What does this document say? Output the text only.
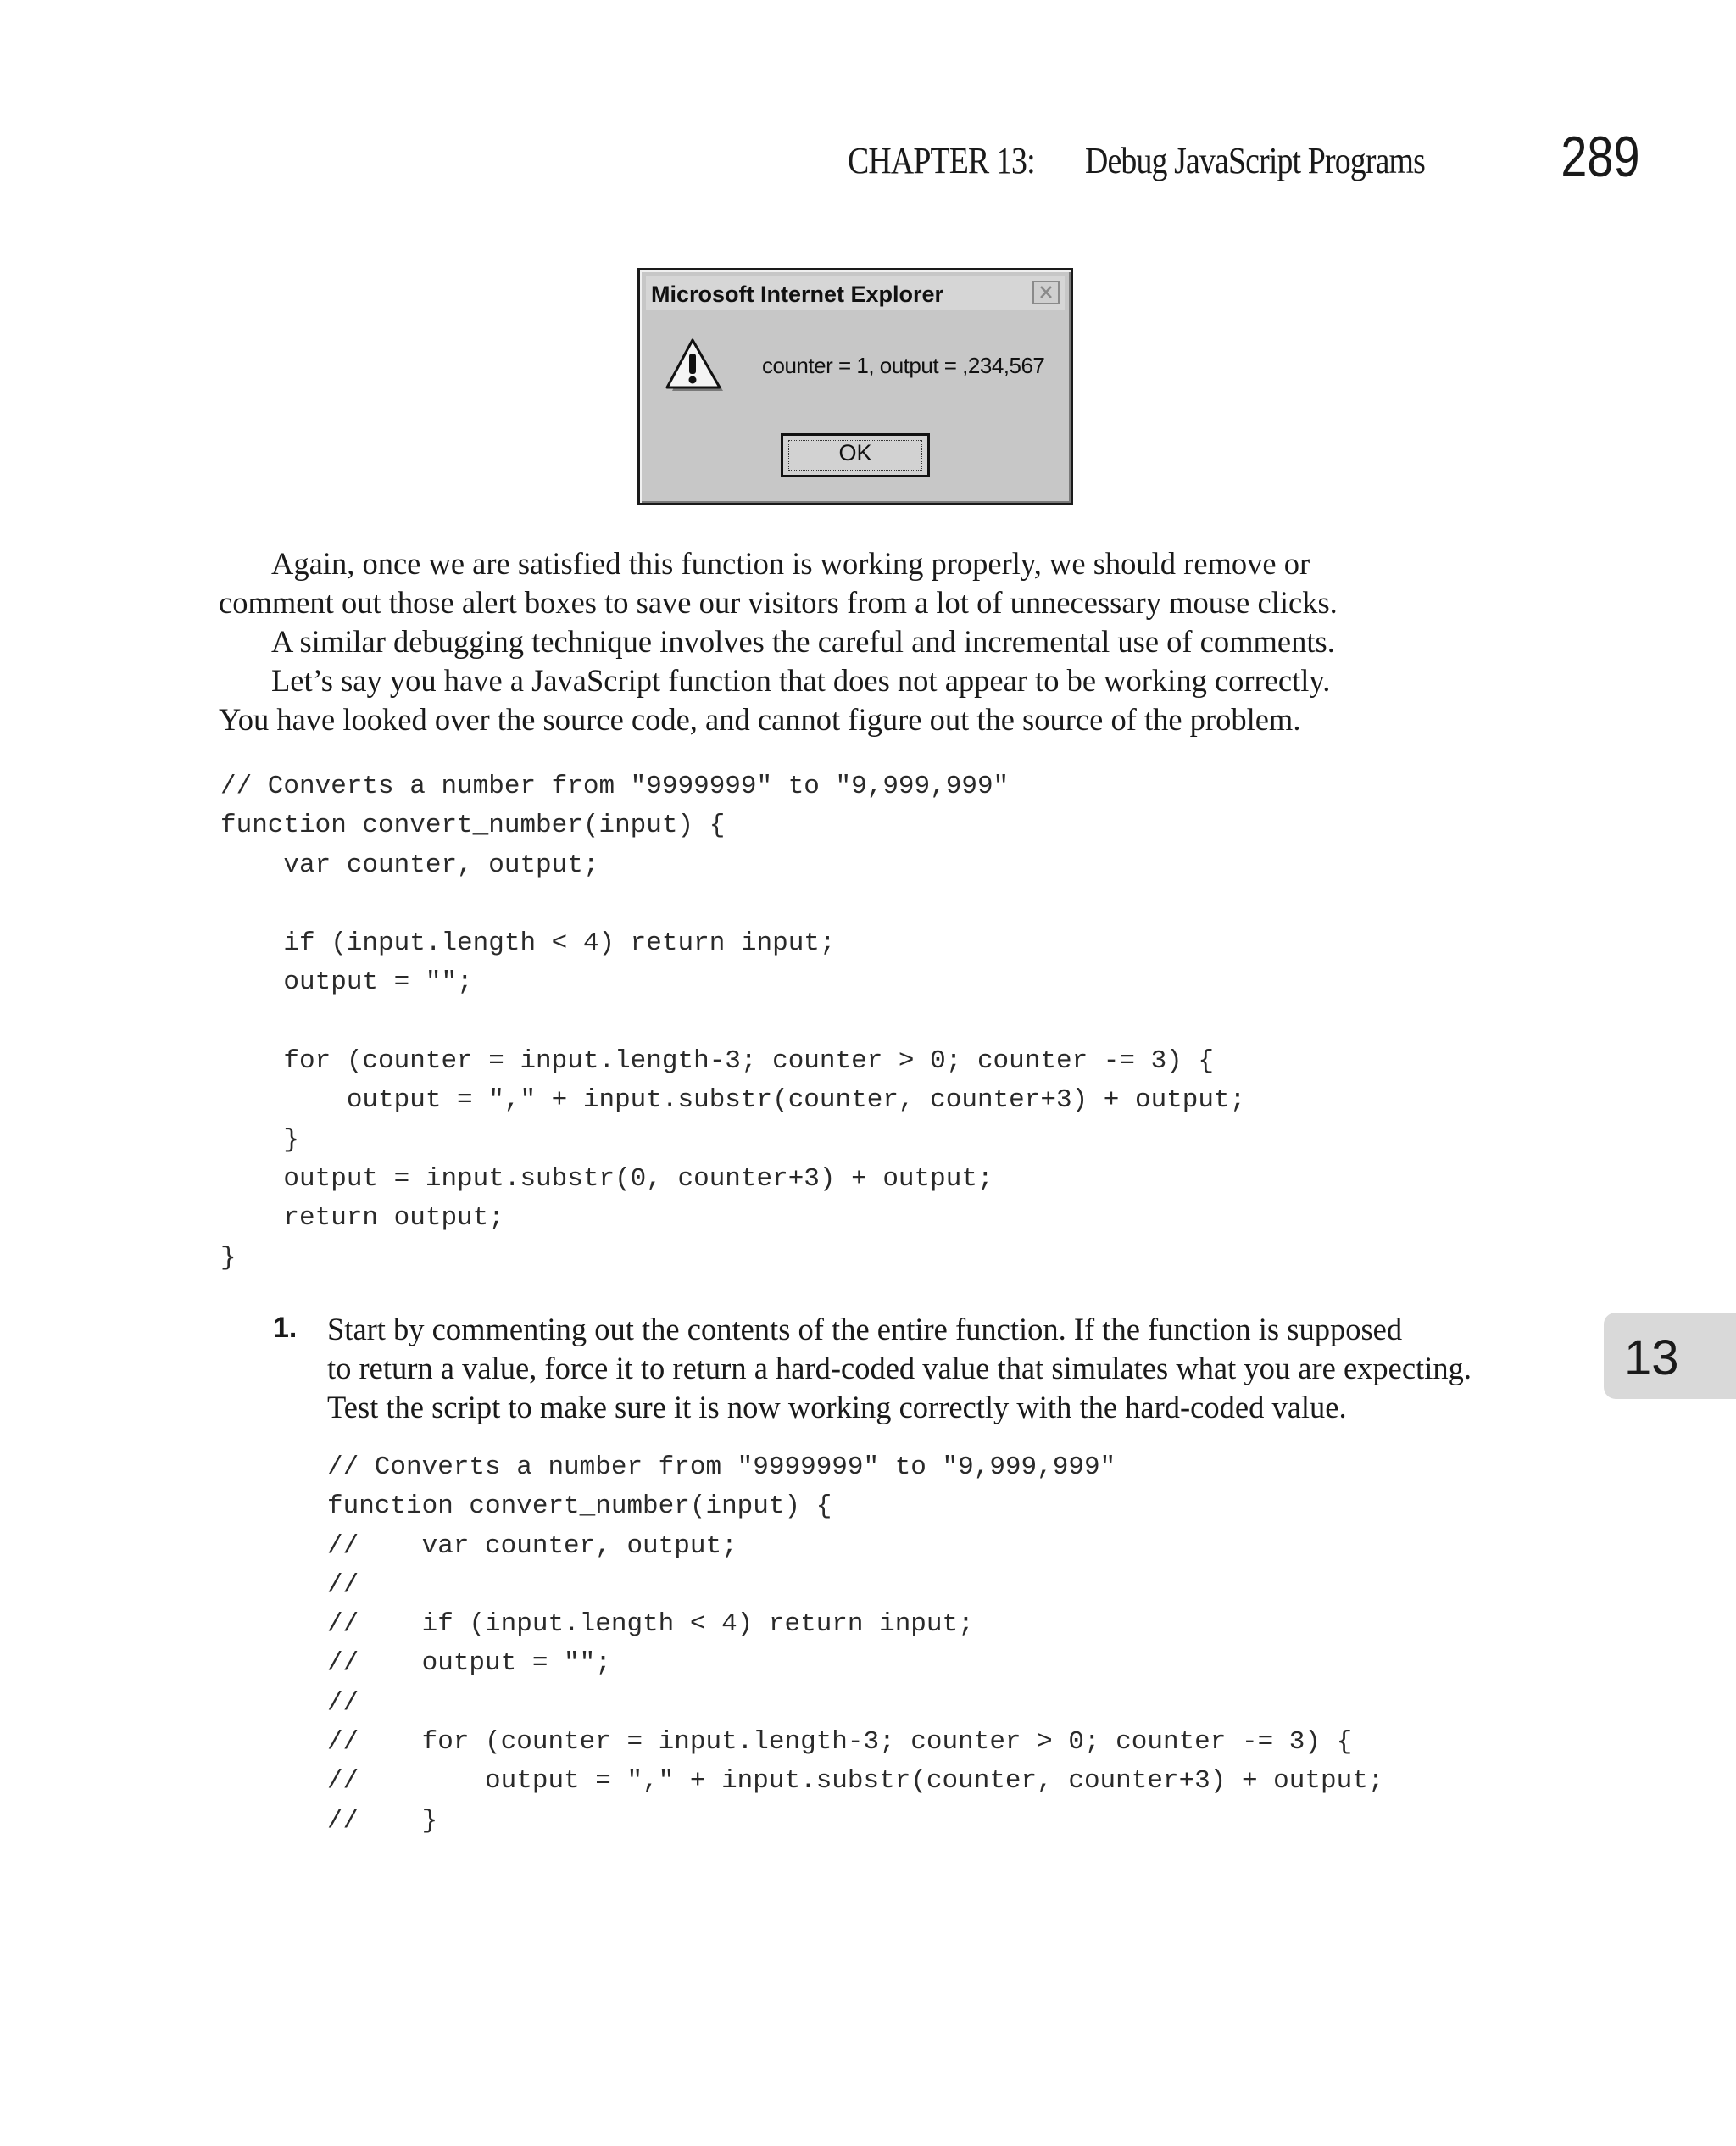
CHAPTER 13: Debug JavaScript Programs 289
Microsoft Internet Explorer
counter = 1, output = ,234,567
OK
Again, once we are satisfied this function is working properly, we should remove or
comment out those alert boxes to save our visitors from a lot of unnecessary mouse clicks.
A similar debugging technique involves the careful and incremental use of comments.
Let’s say you have a JavaScript function that does not appear to be working correctly.
You have looked over the source code, and cannot figure out the source of the problem.
// Converts a number from "9999999" to "9,999,999"
function convert_number(input) {
var counter, output;
if (input.length < 4) return input;
output = "";
for (counter = input.length-3; counter > 0; counter -= 3) {
output = "," + input.substr(counter, counter+3) + output;
}
output = input.substr(0, counter+3) + output;
return output;
}
1. Start by commenting out the contents of the entire function. If the function is supposed
to return a value, force it to return a hard-coded value that simulates what you are expecting.
Test the script to make sure it is now working correctly with the hard-coded value.
// Converts a number from "9999999" to "9,999,999"
function convert_number(input) {
//    var counter, output;
//
//    if (input.length < 4) return input;
//    output = "";
//
//    for (counter = input.length-3; counter > 0; counter -= 3) {
//        output = "," + input.substr(counter, counter+3) + output;
//    }
13
